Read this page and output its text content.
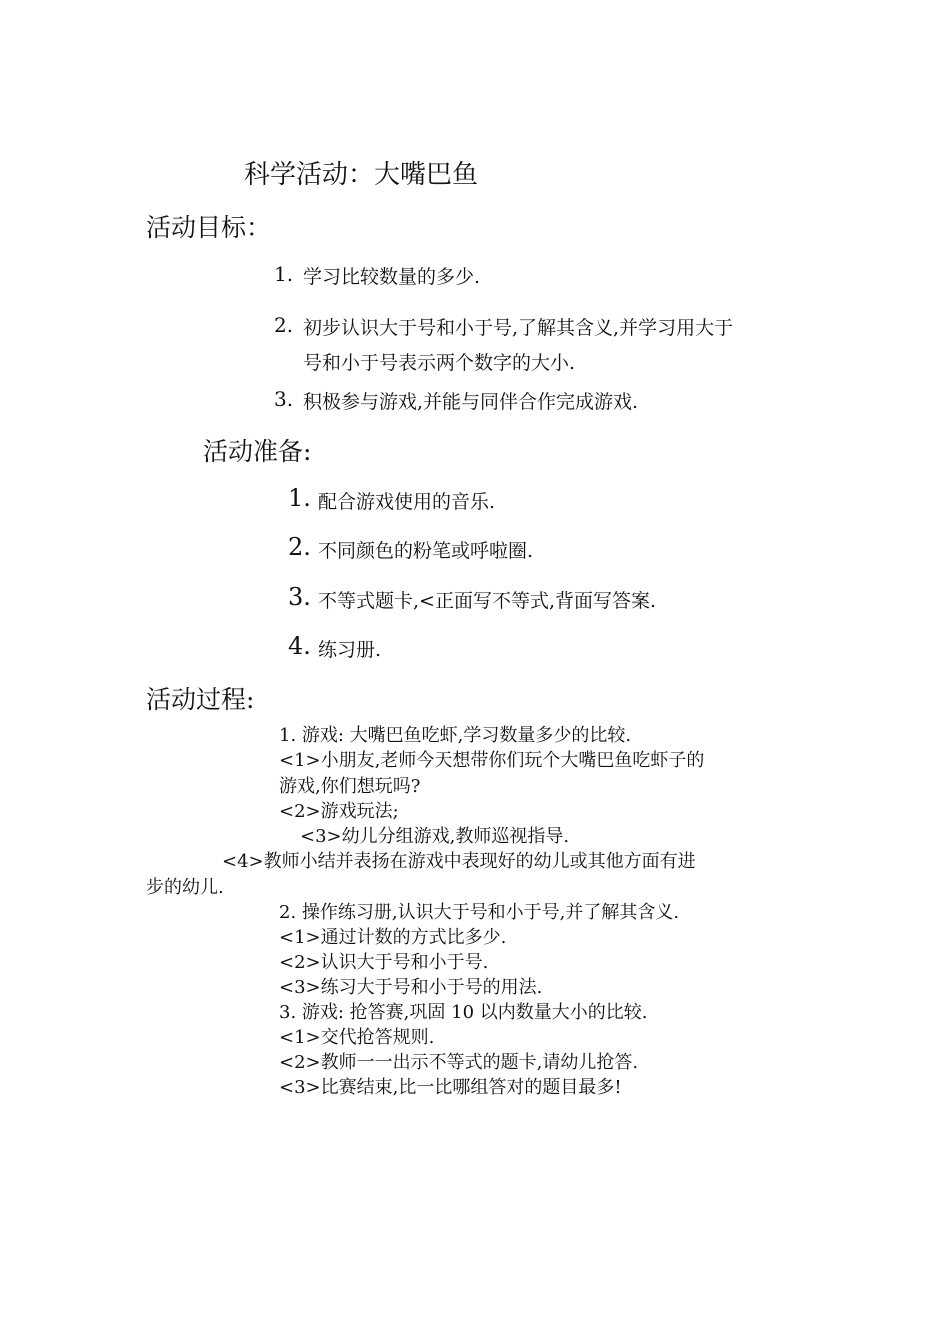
科学活动：大嘴巴鱼
活动目标：
1. 学习比较数量的多少.
2. 初步认识大于号和小于号,了解其含义,并学习用大于
号和小于号表示两个数字的大小.
3. 积极参与游戏,并能与同伴合作完成游戏.
活动准备:
1. 配合游戏使用的音乐.
2. 不同颜色的粉笔或呼啦圈.
3. 不等式题卡,<正面写不等式,背面写答案.
4. 练习册.
活动过程:
1. 游戏: 大嘴巴鱼吃虾,学习数量多少的比较.
<1>小朋友,老师今天想带你们玩个大嘴巴鱼吃虾子的
游戏,你们想玩吗?
<2>游戏玩法;
<3>幼儿分组游戏,教师巡视指导.
<4>教师小结并表扬在游戏中表现好的幼儿或其他方面有进
步的幼儿.
2. 操作练习册,认识大于号和小于号,并了解其含义.
<1>通过计数的方式比多少.
<2>认识大于号和小于号.
<3>练习大于号和小于号的用法.
3. 游戏: 抢答赛,巩固 10 以内数量大小的比较.
<1>交代抢答规则.
<2>教师一一出示不等式的题卡,请幼儿抢答.
<3>比赛结束,比一比哪组答对的题目最多!
